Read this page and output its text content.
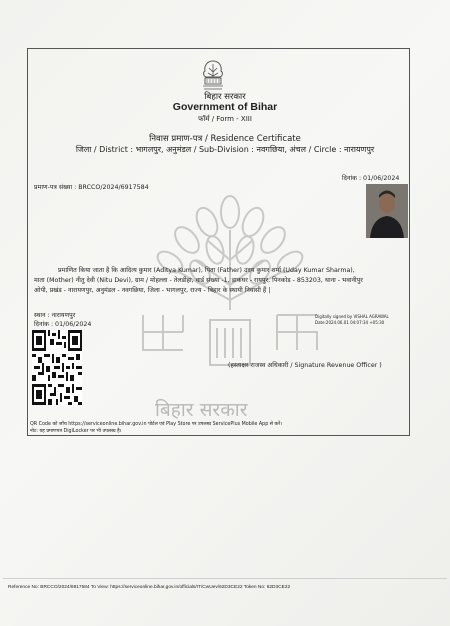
बिहार सरकार
Government of Bihar
फॉर्म / Form - XIII
निवास प्रमाण-पत्र / Residence Certificate
जिला / District : भागलपुर, अनुमंडल / Sub-Division : नवगछिया, अंचल / Circle : नारायणपुर
दिनांक : 01/06/2024
प्रमाण-पत्र संख्या : BRCCO/2024/6917584
प्रमाणित किया जाता है कि आदित्य कुमार (Aditya Kumar), पिता (Father) उदय कुमार शर्मा (Uday Kumar Sharma),
माता (Mother) नीतु देवी (Nitu Devi), ग्राम / मोहल्ला - तेलडीहा, वार्ड संख्या -1, डाकघर - रायपुर, पिनकोड - 853203, थाना - भवानीपुर
ओपी, प्रखंड - नारायणपुर, अनुमंडल - नवगछिया, जिला - भागलपुर, राज्य - बिहार के स्थायी निवासी हैं |
स्थान : नारायणपुर
दिनांक : 01/06/2024
Digitally signed by VISHAL AGRAWAL
Date:2024.06.01 04:07:34 +05:30
(हस्ताक्षर राजस्व अधिकारी / Signature Revenue Officer )
बिहार सरकार
QR Code को जाँच https://serviceonline.bihar.gov.in पोर्टल एवं Play Store पर उपलब्ध ServicePlus Mobile App से करें।
नोट: यह प्रमाणपत्र DigiLocker पर भी उपलब्ध है।
Reference No: BRCCO/2024/6917584 To View: https://serviceonline.bihar.gov.in/officials/IT/CwUev/62D3CE22 Token No: 62D3CE22
